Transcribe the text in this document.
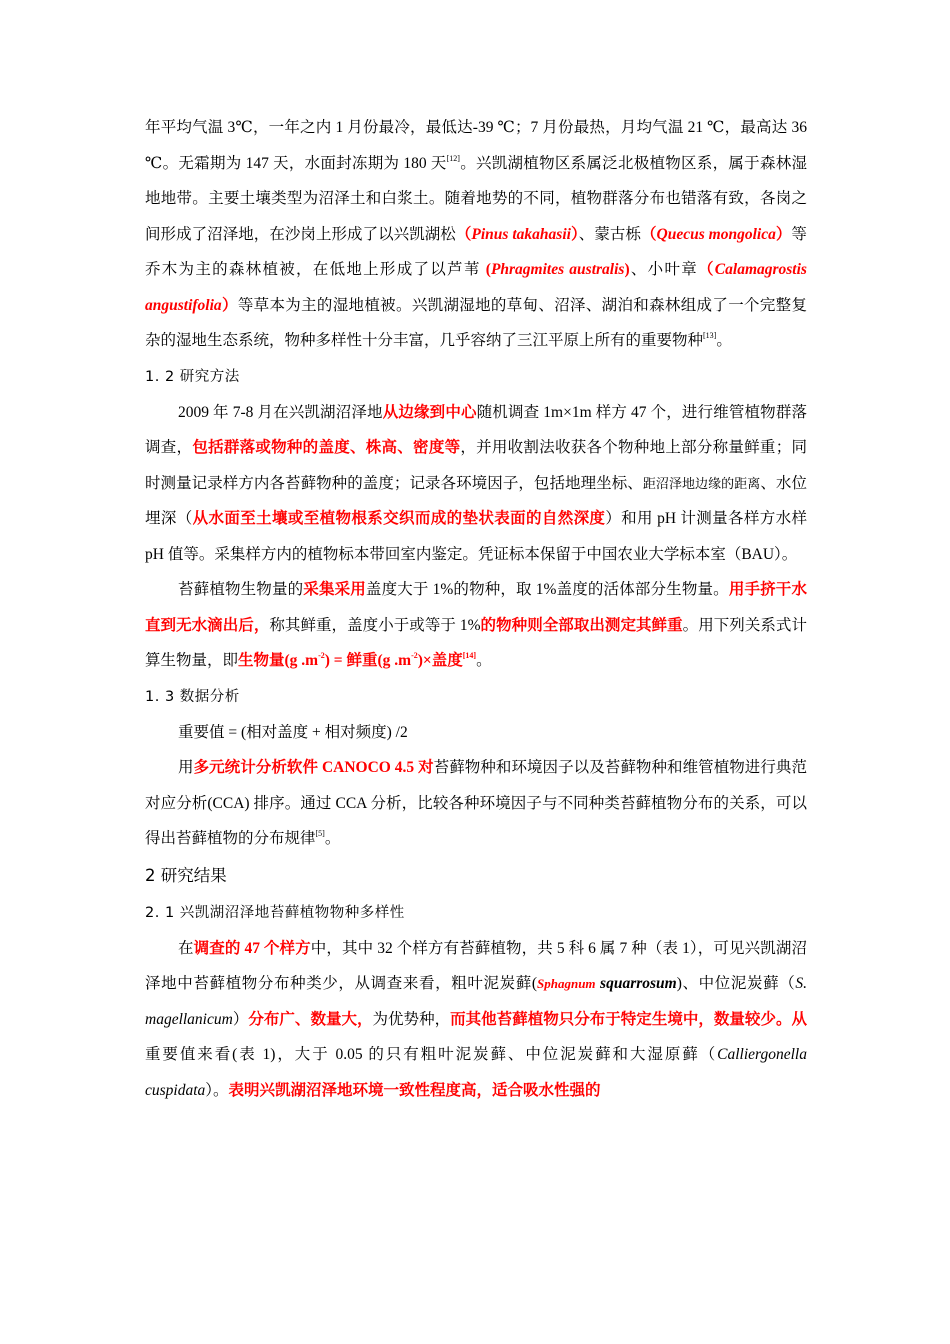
年平均气温 3℃，一年之内 1 月份最冷，最低达-39 ℃；7 月份最热，月均气温 21 ℃，最高达 36 ℃。无霜期为 147 天，水面封冻期为 180 天[12]。兴凯湖植物区系属泛北极植物区系，属于森林湿地地带。主要土壤类型为沼泽土和白浆土。随着地势的不同，植物群落分布也错落有致，各岗之间形成了沼泽地，在沙岗上形成了以兴凯湖松（Pinus takahasii）、蒙古栎（Quecus mongolica）等乔木为主的森林植被，在低地上形成了以芦苇 (Phragmites australis)、小叶章（Calamagrostis angustifolia）等草本为主的湿地植被。兴凯湖湿地的草甸、沼泽、湖泊和森林组成了一个完整复杂的湿地生态系统，物种多样性十分丰富，几乎容纳了三江平原上所有的重要物种[13]。

1. 2 研究方法

2009 年 7-8 月在兴凯湖沼泽地从边缘到中心随机调查 1m×1m 样方 47 个，进行维管植物群落调查，包括群落或物种的盖度、株高、密度等，并用收割法收获各个物种地上部分称量鲜重；同时测量记录样方内各苔藓物种的盖度；记录各环境因子，包括地理坐标、距沼泽地边缘的距离、水位埋深（从水面至土壤或至植物根系交织而成的垫状表面的自然深度）和用 pH 计测量各样方水样 pH 值等。采集样方内的植物标本带回室内鉴定。凭证标本保留于中国农业大学标本室（BAU）。

苔藓植物生物量的采集采用盖度大于 1%的物种，取 1%盖度的活体部分生物量。用手挤干水直到无水滴出后，称其鲜重，盖度小于或等于 1%的物种则全部取出测定其鲜重。用下列关系式计算生物量，即生物量(g $.m^{-2}$) = 鲜重(g $.m^{-2})\times$盖度[14]。

1. 3 数据分析

重要值 = (相对盖度 + 相对频度) /2

用多元统计分析软件 CANOCO 4.5 对苔藓物种和环境因子以及苔藓物种和维管植物进行典范对应分析(CCA) 排序。通过 CCA 分析，比较各种环境因子与不同种类苔藓植物分布的关系，可以得出苔藓植物的分布规律[5]。

2 研究结果

2. 1 兴凯湖沼泽地苔藓植物物种多样性

在调查的 47 个样方中，其中 32 个样方有苔藓植物，共 5 科 6 属 7 种（表 1），可见兴凯湖沼泽地中苔藓植物分布种类少，从调查来看，粗叶泥炭藓(Sphagnum squarrosum)、中位泥炭藓（S. magellanicum）分布广、数量大，为优势种，而其他苔藓植物只分布于特定生境中，数量较少。从重要值来看(表 1)，大于 0.05 的只有粗叶泥炭藓、中位泥炭藓和大湿原藓（Calliergonella cuspidata）。表明兴凯湖沼泽地环境一致性程度高，适合吸水性强的
